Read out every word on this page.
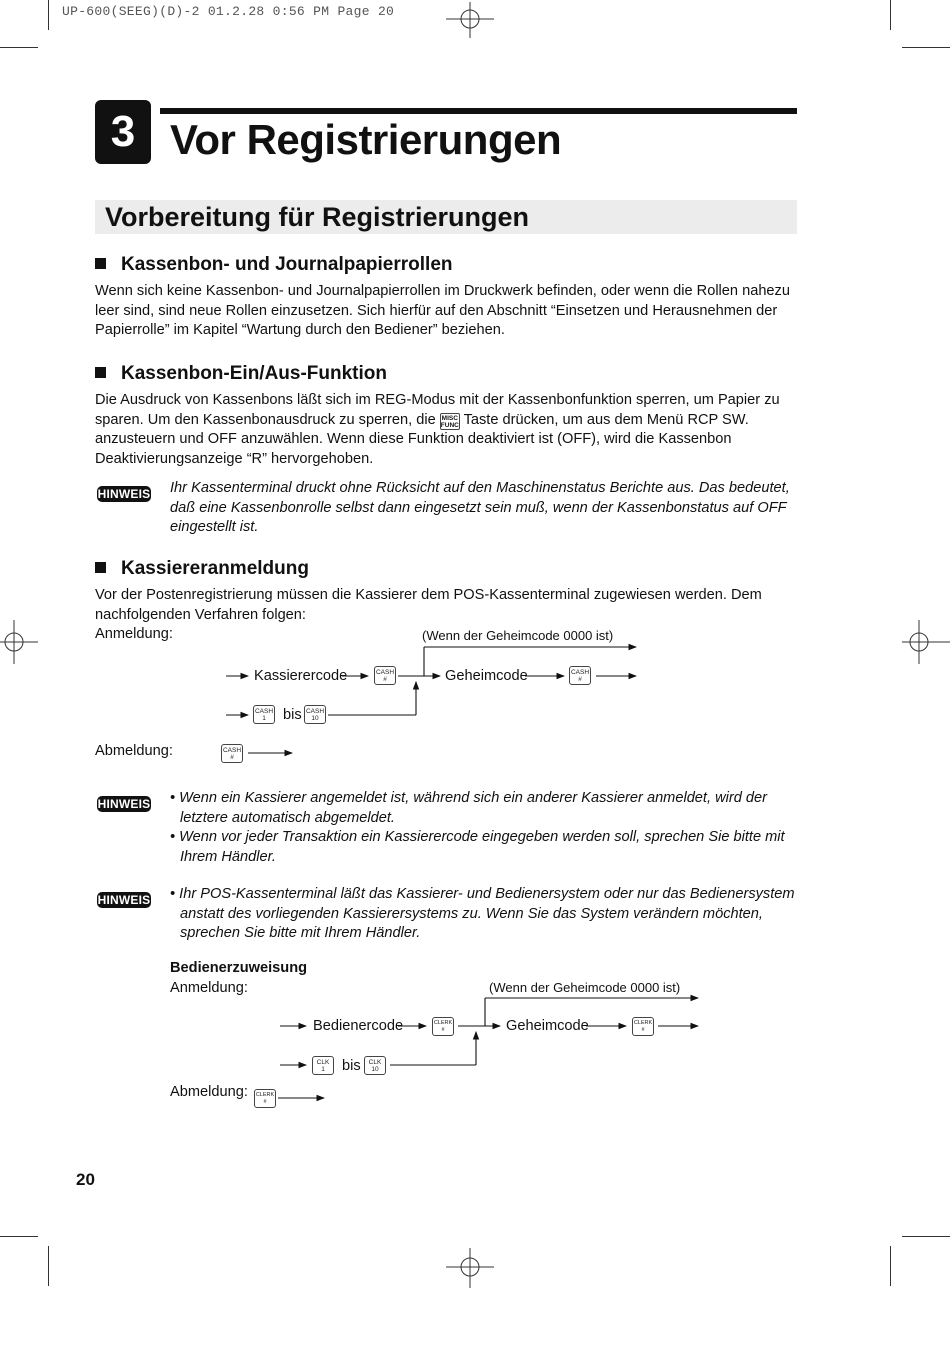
UP-600(SEEG)(D)-2 01.2.28 0:56 PM Page 20
3 Vor Registrierungen
Vorbereitung für Registrierungen
Kassenbon- und Journalpapierrollen
Wenn sich keine Kassenbon- und Journalpapierrollen im Druckwerk befinden, oder wenn die Rollen nahezu leer sind, sind neue Rollen einzusetzen. Sich hierfür auf den Abschnitt “Einsetzen und Herausnehmen der Papierrolle” im Kapitel “Wartung durch den Bediener” beziehen.
Kassenbon-Ein/Aus-Funktion
Die Ausdruck von Kassenbons läßt sich im REG-Modus mit der Kassenbonfunktion sperren, um Papier zu sparen. Um den Kassenbonausdruck zu sperren, die MISC
FUNC Taste drücken, um aus dem Menü RCP SW. anzusteuern und OFF anzuwählen. Wenn diese Funktion deaktiviert ist (OFF), wird die Kassenbon Deaktivierungsanzeige “R” hervorgehoben.
HINWEIS Ihr Kassenterminal druckt ohne Rücksicht auf den Maschinenstatus Berichte aus. Das bedeutet, daß eine Kassenbonrolle selbst dann eingesetzt sein muß, wenn der Kassenbonstatus auf OFF eingestellt ist.
Kassiereranmeldung
Vor der Postenregistrierung müssen die Kassierer dem POS-Kassenterminal zugewiesen werden. Dem nachfolgenden Verfahren folgen:
Anmeldung:	(Wenn der Geheimcode 0000 ist)
Kassierercode	CASH
#	Geheimcode	CASH
#
CASH
1	bis CASH
10
Abmeldung:	CASH
#
HINWEIS • Wenn ein Kassierer angemeldet ist, während sich ein anderer Kassierer anmeldet, wird der letztere automatisch abgemeldet.
• Wenn vor jeder Transaktion ein Kassierercode eingegeben werden soll, sprechen Sie bitte mit Ihrem Händler.
HINWEIS • Ihr POS-Kassenterminal läßt das Kassierer- und Bedienersystem oder nur das Bedienersystem anstatt des vorliegenden Kassierersystems zu. Wenn Sie das System verändern möchten, sprechen Sie bitte mit Ihrem Händler.
Bedienerzuweisung
Anmeldung:	(Wenn der Geheimcode 0000 ist)
Bedienercode	CLERK
#	Geheimcode	CLERK
#
CLK
1	bis	CLK
10
Abmeldung:	CLERK
#
20
